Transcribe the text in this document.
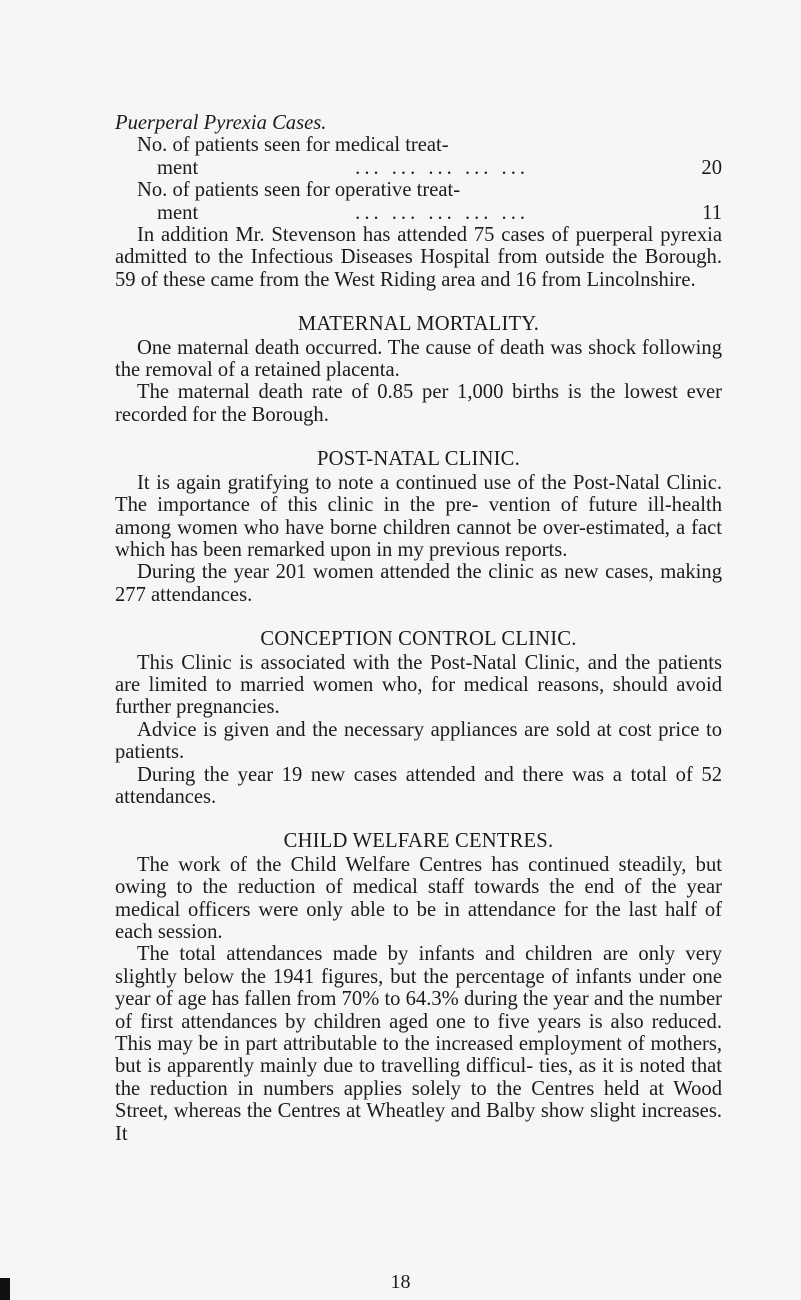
Puerperal Pyrexia Cases.
No. of patients seen for medical treat-
ment	... ... ... ... ...	20
No. of patients seen for operative treat-
ment	... ... ... ... ...	11

In addition Mr. Stevenson has attended 75 cases of puerperal pyrexia admitted to the Infectious Diseases Hospital from outside the Borough. 59 of these came from the West Riding area and 16 from Lincolnshire.

MATERNAL MORTALITY.

One maternal death occurred. The cause of death was shock following the removal of a retained placenta.

The maternal death rate of 0.85 per 1,000 births is the lowest ever recorded for the Borough.

POST-NATAL CLINIC.

It is again gratifying to note a continued use of the Post-Natal Clinic. The importance of this clinic in the pre- vention of future ill-health among women who have borne children cannot be over-estimated, a fact which has been remarked upon in my previous reports.

During the year 201 women attended the clinic as new cases, making 277 attendances.

CONCEPTION CONTROL CLINIC.

This Clinic is associated with the Post-Natal Clinic, and the patients are limited to married women who, for medical reasons, should avoid further pregnancies.

Advice is given and the necessary appliances are sold at cost price to patients.

During the year 19 new cases attended and there was a total of 52 attendances.

CHILD WELFARE CENTRES.

The work of the Child Welfare Centres has continued steadily, but owing to the reduction of medical staff towards the end of the year medical officers were only able to be in attendance for the last half of each session.

The total attendances made by infants and children are only very slightly below the 1941 figures, but the percentage of infants under one year of age has fallen from 70% to 64.3% during the year and the number of first attendances by children aged one to five years is also reduced. This may be in part attributable to the increased employment of mothers, but is apparently mainly due to travelling difficul- ties, as it is noted that the reduction in numbers applies solely to the Centres held at Wood Street, whereas the Centres at Wheatley and Balby show slight increases. It

18
